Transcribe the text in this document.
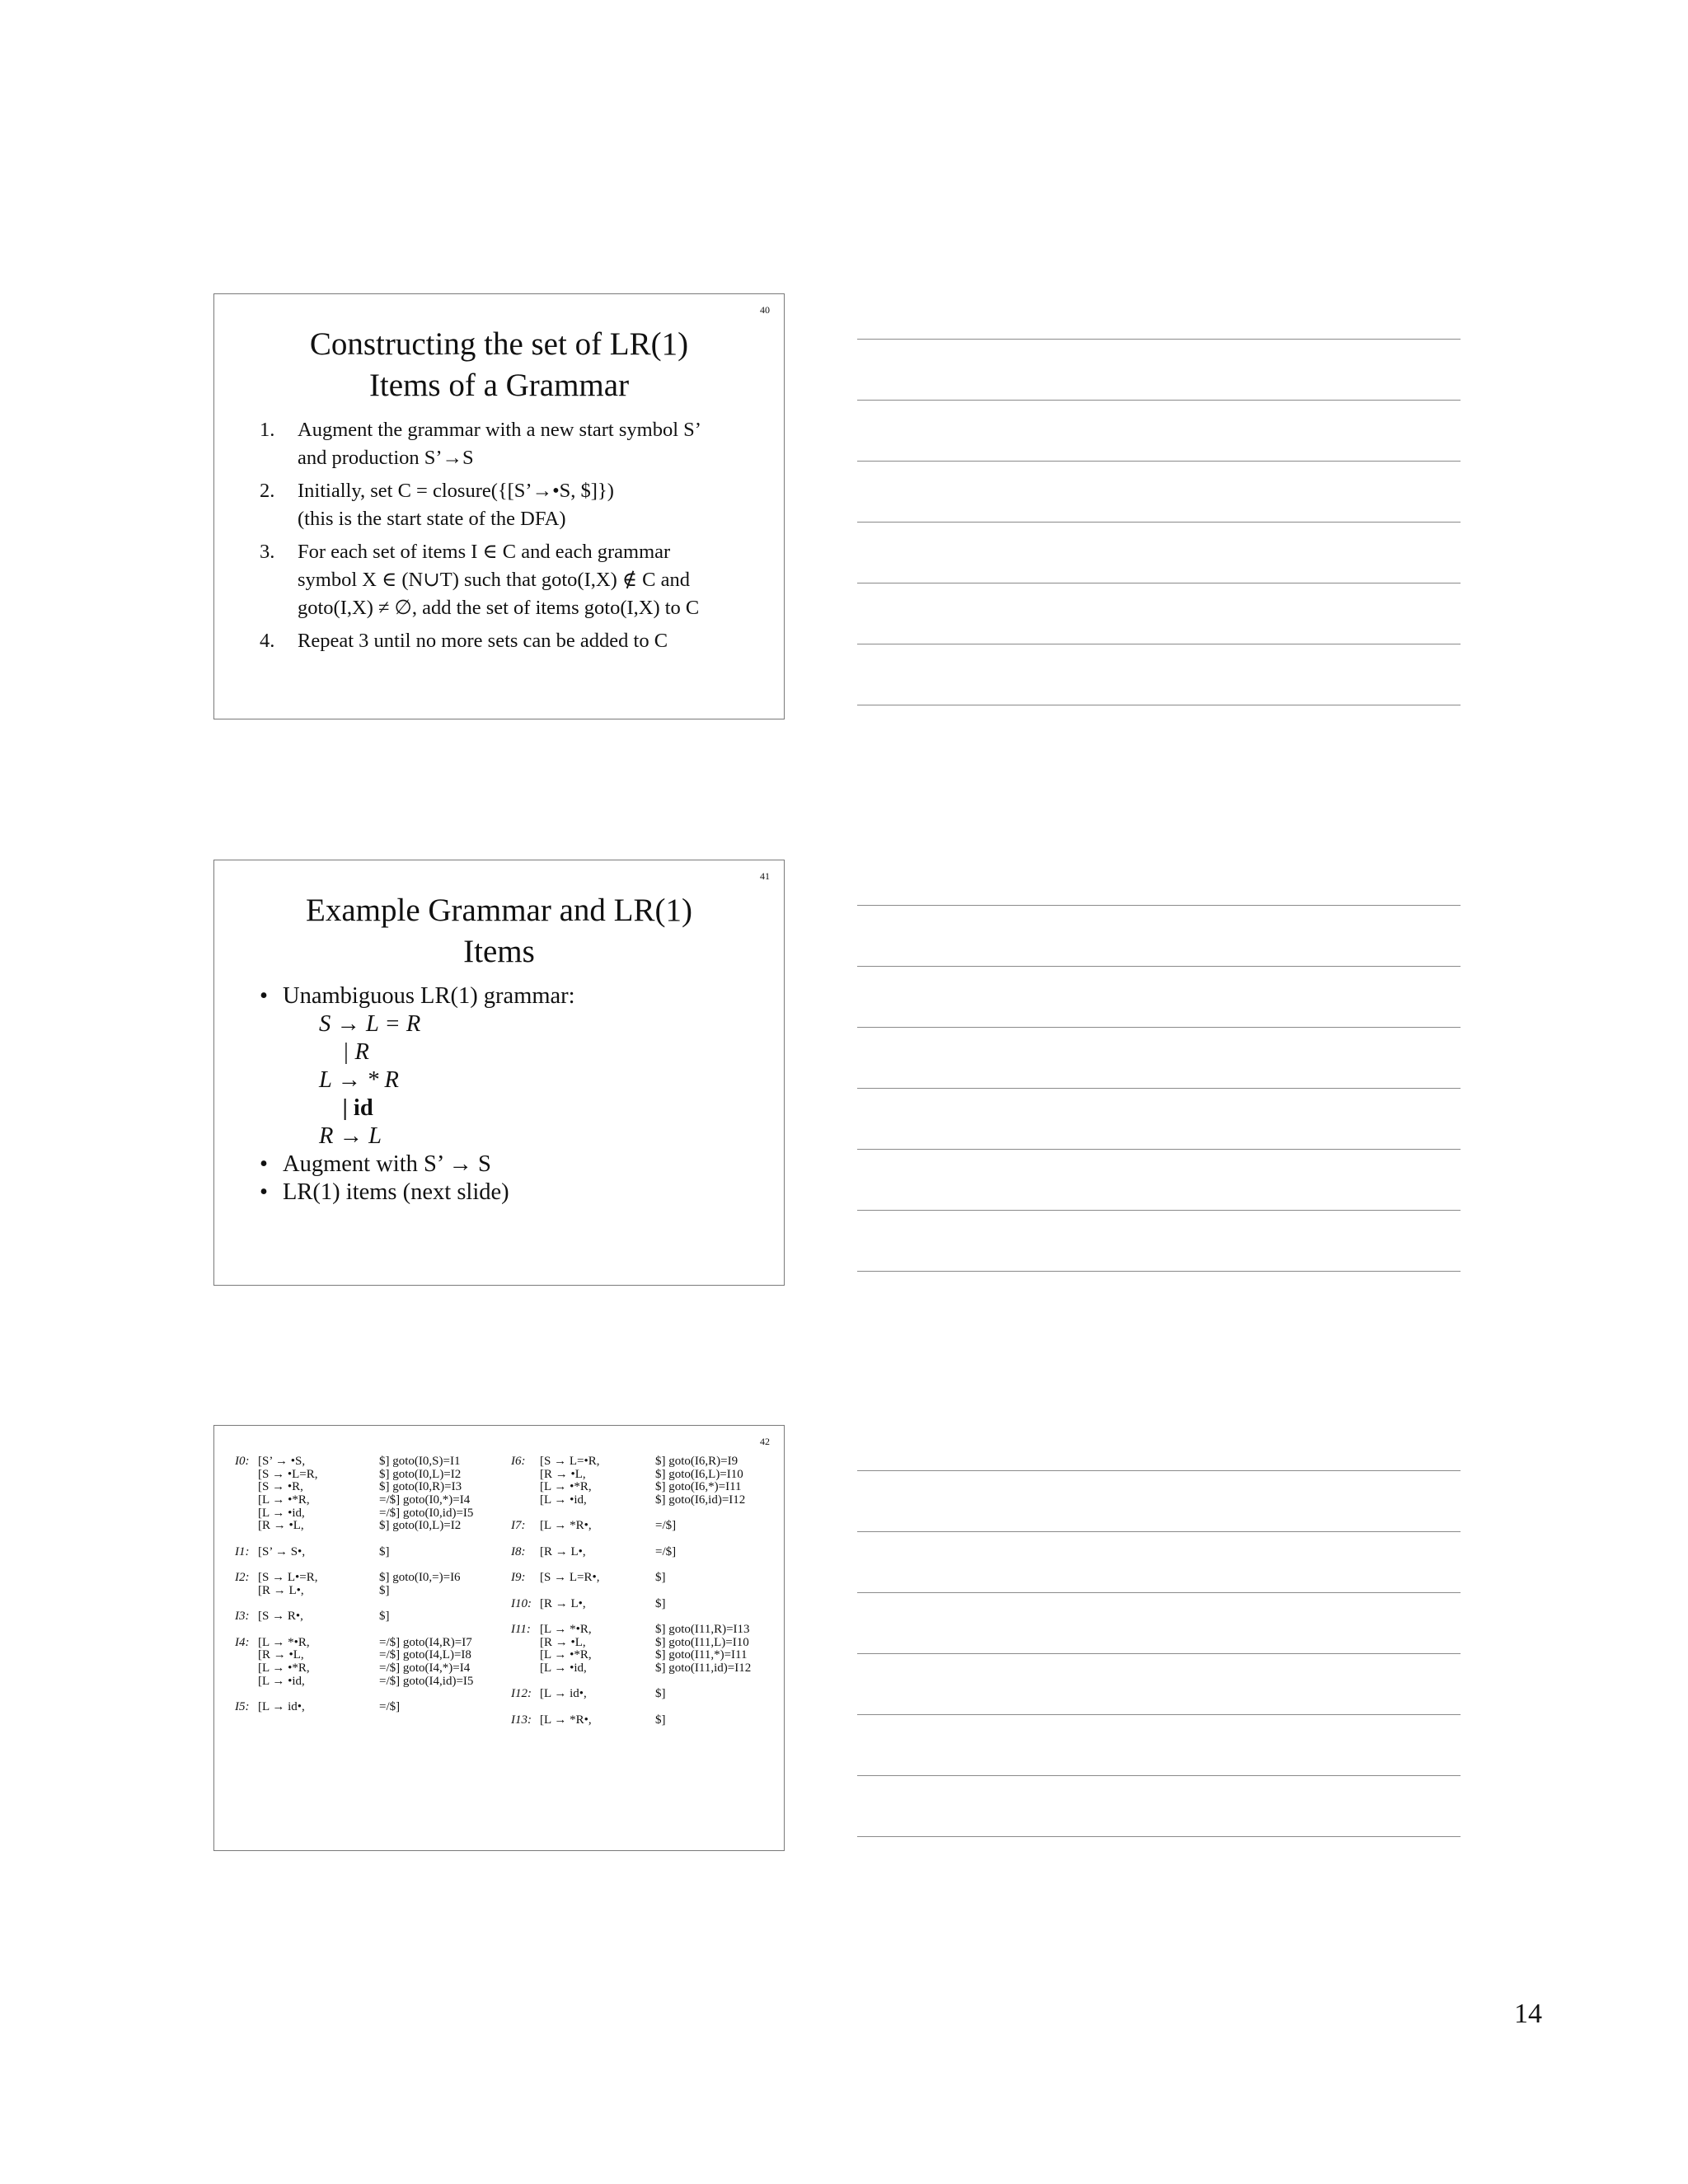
40
Constructing the set of LR(1)
Items of a Grammar
1.	Augment the grammar with a new start symbol S’
and production S’→S
2.	Initially, set C = closure({[S’→•S, $]})
(this is the start state of the DFA)
3.	For each set of items I ∈ C and each grammar
symbol X ∈ (N∪T) such that goto(I,X) ∉ C and
goto(I,X) ≠ ∅, add the set of items goto(I,X) to C
4.	Repeat 3 until no more sets can be added to C
41
Example Grammar and LR(1)
Items
• Unambiguous LR(1) grammar:
S → L = R
| R
L → * R
| id
R → L
• Augment with S’ → S
• LR(1) items (next slide)
42
I0: [S’ → •S,	$] goto(I0,S)=I1
[S → •L=R,	$] goto(I0,L)=I2
[S → •R,	$] goto(I0,R)=I3
[L → •*R,	=/$] goto(I0,*)=I4
[L → •id,	=/$] goto(I0,id)=I5
[R → •L,	$] goto(I0,L)=I2
I1: [S’ → S•,	$]
I2: [S → L•=R,	$] goto(I0,=)=I6
[R → L•,	$]
I3: [S → R•,	$]
I4: [L → *•R,	=/$] goto(I4,R)=I7
[R → •L,	=/$] goto(I4,L)=I8
[L → •*R,	=/$] goto(I4,*)=I4
[L → •id,	=/$] goto(I4,id)=I5
I5: [L → id•,	=/$]
I6: [S → L=•R,	$] goto(I6,R)=I9
[R → •L,	$] goto(I6,L)=I10
[L → •*R,	$] goto(I6,*)=I11
[L → •id,	$] goto(I6,id)=I12
I7: [L → *R•,	=/$]
I8: [R → L•,	=/$]
I9: [S → L=R•,	$]
I10: [R → L•,	$]
I11: [L → *•R,	$] goto(I11,R)=I13
[R → •L,	$] goto(I11,L)=I10
[L → •*R,	$] goto(I11,*)=I11
[L → •id,	$] goto(I11,id)=I12
I12: [L → id•,	$]
I13: [L → *R•,	$]
14
